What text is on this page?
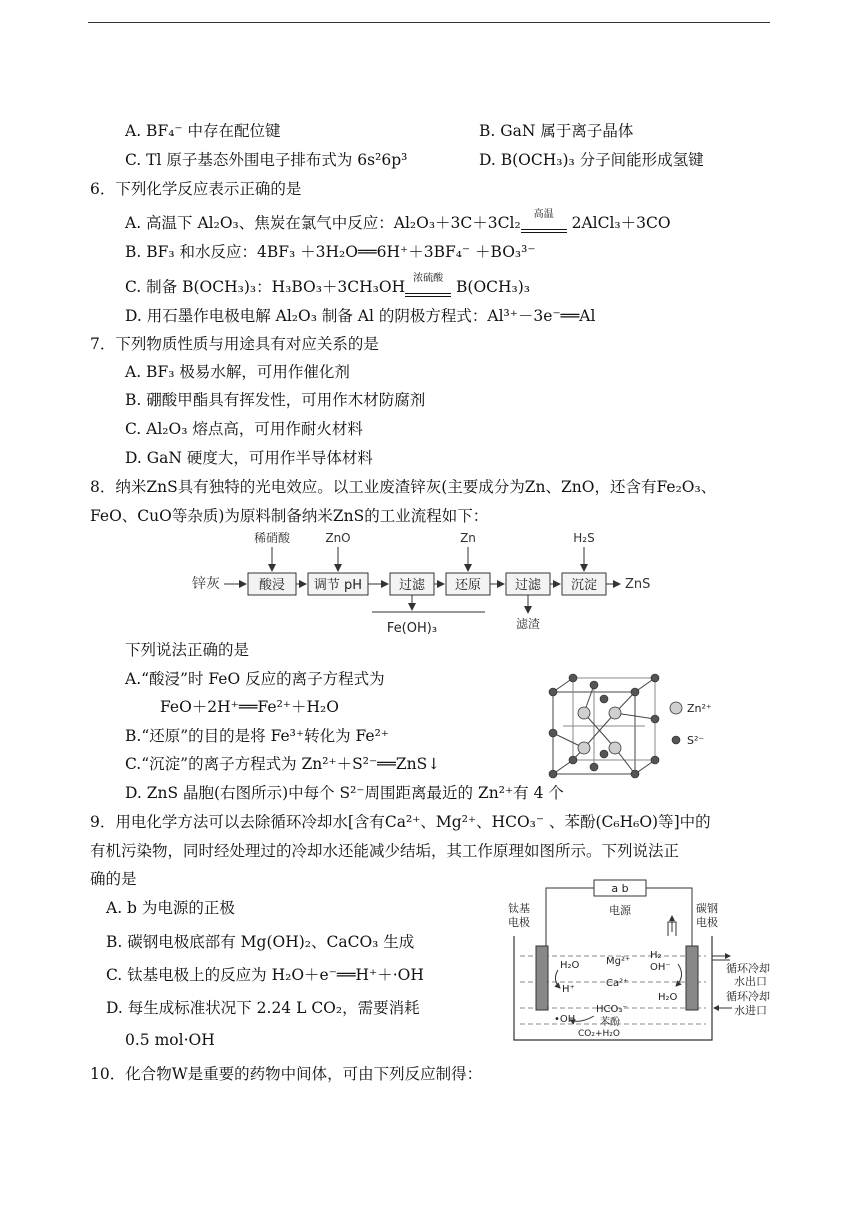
A. BF₄⁻ 中存在配位键	B. GaN 属于离子晶体
C. Tl 原子基态外围电子排布式为 6s²6p³	D. B(OCH₃)₃ 分子间能形成氢键
6．下列化学反应表示正确的是
A. 高温下 Al₂O₃、焦炭在氯气中反应：Al₂O₃＋3C＋3Cl₂	高温 2AlCl₃＋3CO
B. BF₃ 和水反应：4BF₃ ＋3H₂O══6H⁺＋3BF₄⁻ ＋BO₃³⁻
C. 制备 B(OCH₃)₃：H₃BO₃＋3CH₃OH 浓硫酸 B(OCH₃)₃
D. 用石墨作电极电解 Al₂O₃ 制备 Al 的阴极方程式：Al³⁺－3e⁻══Al
7．下列物质性质与用途具有对应关系的是
A. BF₃ 极易水解，可用作催化剂
B. 硼酸甲酯具有挥发性，可用作木材防腐剂
C. Al₂O₃ 熔点高，可用作耐火材料
D. GaN 硬度大，可用作半导体材料
8．纳米ZnS具有独特的光电效应。以工业废渣锌灰(主要成分为Zn、ZnO，还含有Fe₂O₃、
FeO、CuO等杂质)为原料制备纳米ZnS的工业流程如下：
锌灰	酸浸 调节 pH	过滤 还原	过滤 沉淀 ZnS
稀硝酸	ZnO	Zn	H₂S
Fe(OH)₃	滤渣
下列说法正确的是
A.“酸浸”时 FeO 反应的离子方程式为
FeO＋2H⁺══Fe²⁺＋H₂O
B.“还原”的目的是将 Fe³⁺转化为 Fe²⁺
C.“沉淀”的离子方程式为 Zn²⁺＋S²⁻══ZnS↓
D. ZnS 晶胞(右图所示)中每个 S²⁻周围距离最近的 Zn²⁺有 4 个
Zn²⁺
S²⁻
9．用电化学方法可以去除循环冷却水[含有Ca²⁺、Mg²⁺、HCO₃⁻ 、苯酚(C₆H₆O)等]中的
有机污染物，同时经处理过的冷却水还能减少结垢，其工作原理如图所示。下列说法正
确的是
A. b 为电源的正极
B. 碳钢电极底部有 Mg(OH)₂、CaCO₃ 生成
C. 钛基电极上的反应为 H₂O＋e⁻══H⁺＋·OH
D. 每生成标准状况下 2.24 L CO₂，需要消耗
0.5 mol·OH
a b
电源
钛基
电极
碳钢
电极
H₂O
H⁺
•OH
Mg²⁺
Ca²⁺
HCO₃⁻
苯酚
H₂
OH⁻
H₂O
CO₂+H₂O
循环冷却
水出口
循环冷却
水进口
10．化合物W是重要的药物中间体，可由下列反应制得：
